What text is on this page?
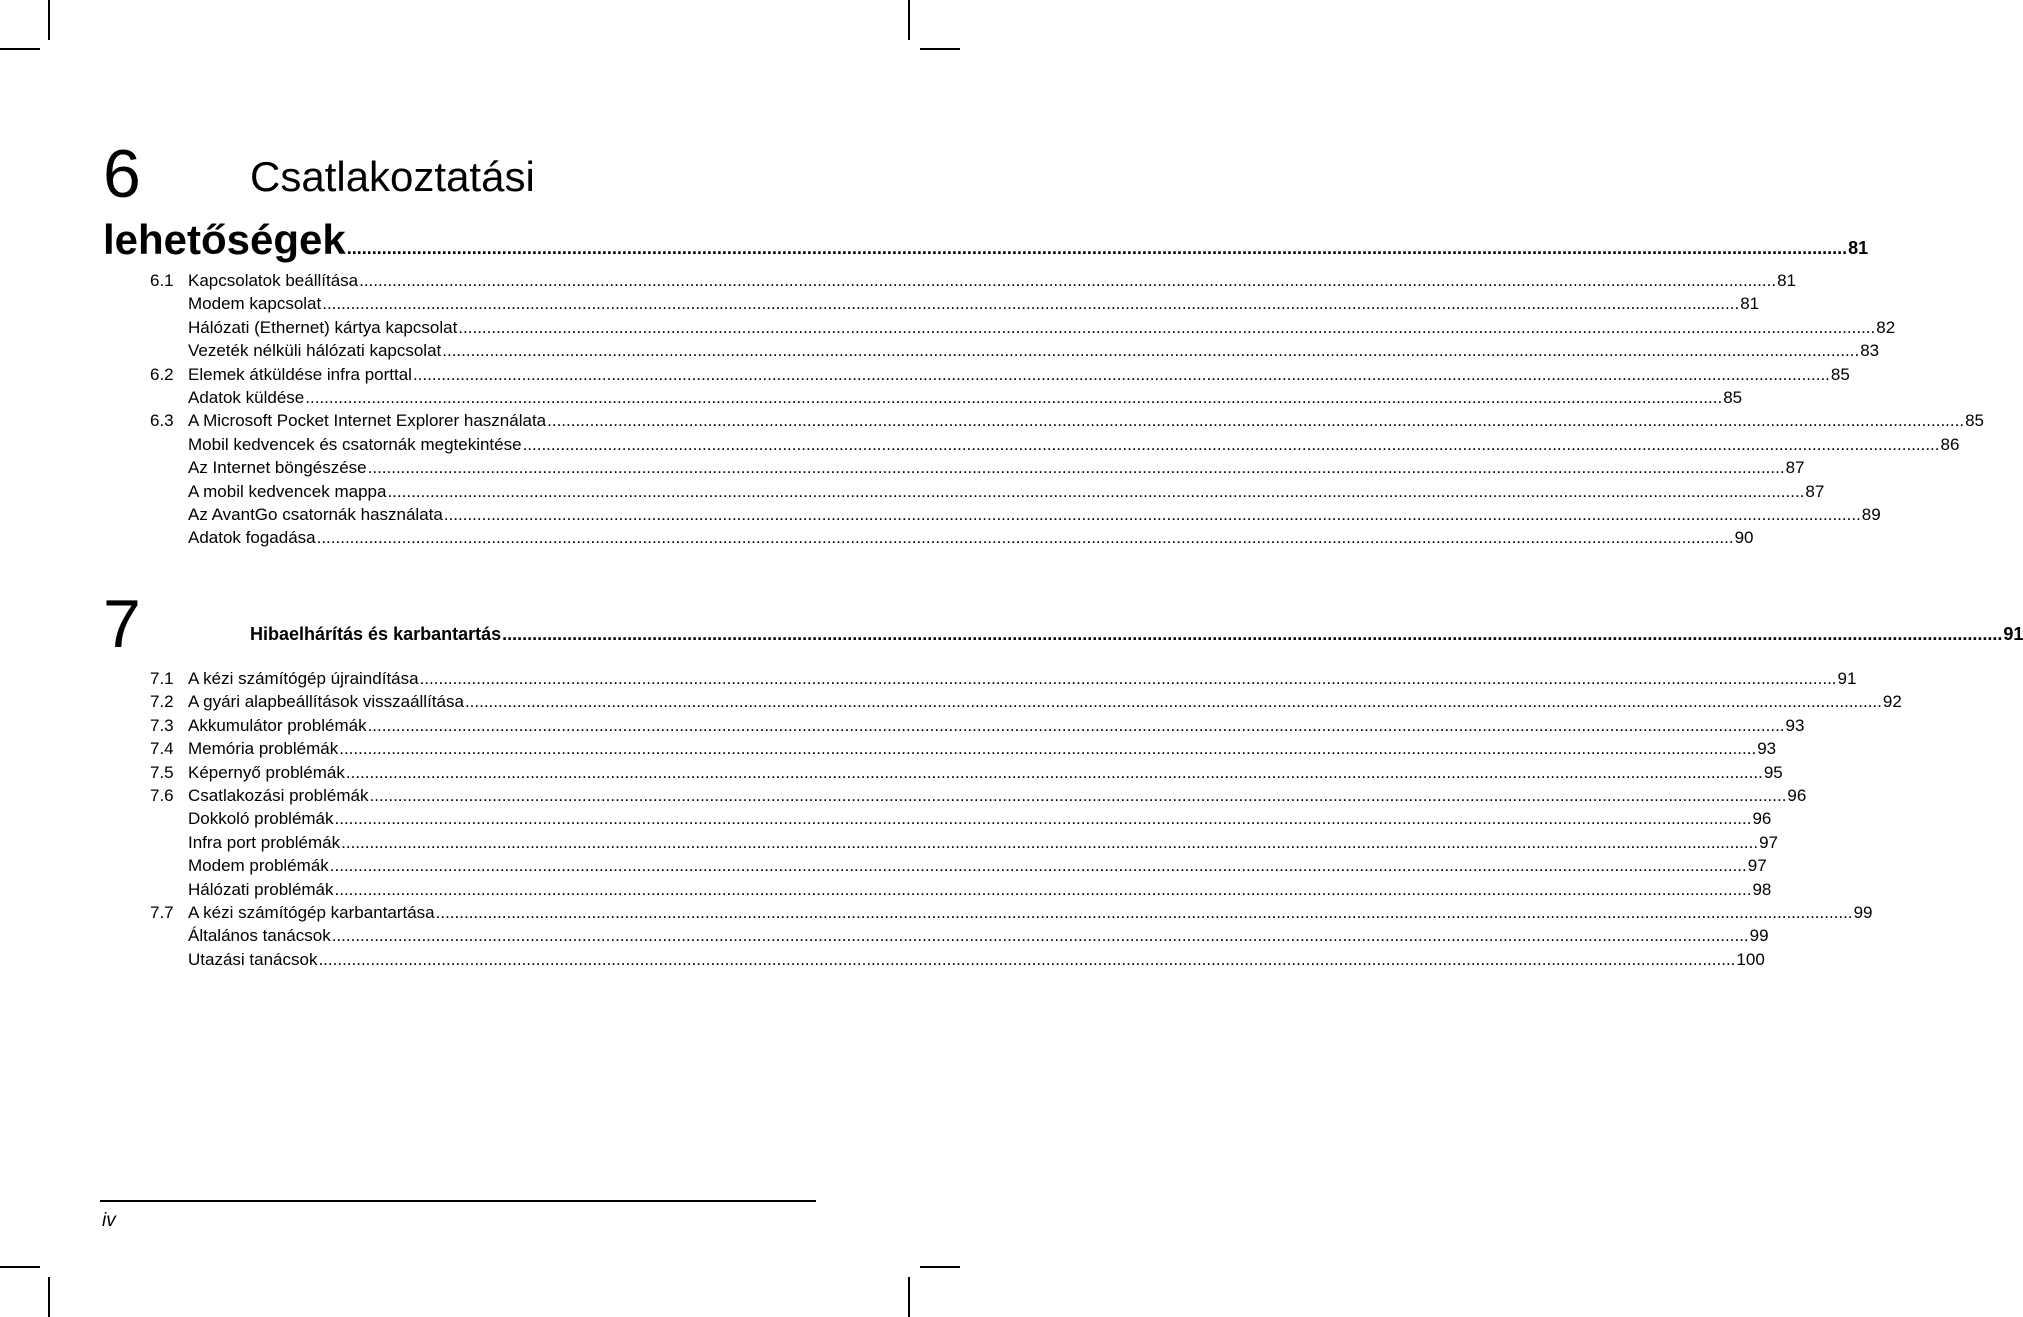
6	Csatlakoztatási
lehetőségek ............................................................................................................................................................................................................................................................................................................ 81
6.1 Kapcsolatok beállítása ............................................................................................................................................................................................................................................................................................................ 81
Modem kapcsolat ............................................................................................................................................................................................................................................................................................................ 81
Hálózati (Ethernet) kártya kapcsolat ............................................................................................................................................................................................................................................................................................................ 82
Vezeték nélküli hálózati kapcsolat ............................................................................................................................................................................................................................................................................................................ 83
6.2 Elemek átküldése infra porttal ............................................................................................................................................................................................................................................................................................................ 85
Adatok küldése ............................................................................................................................................................................................................................................................................................................ 85
6.3 A Microsoft Pocket Internet Explorer használata ............................................................................................................................................................................................................................................................................................................ 85
Mobil kedvencek és csatornák megtekintése ............................................................................................................................................................................................................................................................................................................ 86
Az Internet böngészése ............................................................................................................................................................................................................................................................................................................ 87
A mobil kedvencek mappa ............................................................................................................................................................................................................................................................................................................ 87
Az AvantGo csatornák használata ............................................................................................................................................................................................................................................................................................................ 89
Adatok fogadása ............................................................................................................................................................................................................................................................................................................ 90
7	Hibaelhárítás és karbantartás ............................................................................................................................................................................................................................................................................................................ 91
7.1 A kézi számítógép újraindítása ............................................................................................................................................................................................................................................................................................................ 91
7.2 A gyári alapbeállítások visszaállítása ............................................................................................................................................................................................................................................................................................................ 92
7.3 Akkumulátor problémák ............................................................................................................................................................................................................................................................................................................ 93
7.4 Memória problémák ............................................................................................................................................................................................................................................................................................................ 93
7.5 Képernyő problémák ............................................................................................................................................................................................................................................................................................................ 95
7.6 Csatlakozási problémák ............................................................................................................................................................................................................................................................................................................ 96
Dokkoló problémák ............................................................................................................................................................................................................................................................................................................ 96
Infra port problémák ............................................................................................................................................................................................................................................................................................................ 97
Modem problémák ............................................................................................................................................................................................................................................................................................................ 97
Hálózati problémák ............................................................................................................................................................................................................................................................................................................ 98
7.7 A kézi számítógép karbantartása ............................................................................................................................................................................................................................................................................................................ 99
Általános tanácsok ............................................................................................................................................................................................................................................................................................................ 99
Utazási tanácsok ............................................................................................................................................................................................................................................................................................................ 100
iv
